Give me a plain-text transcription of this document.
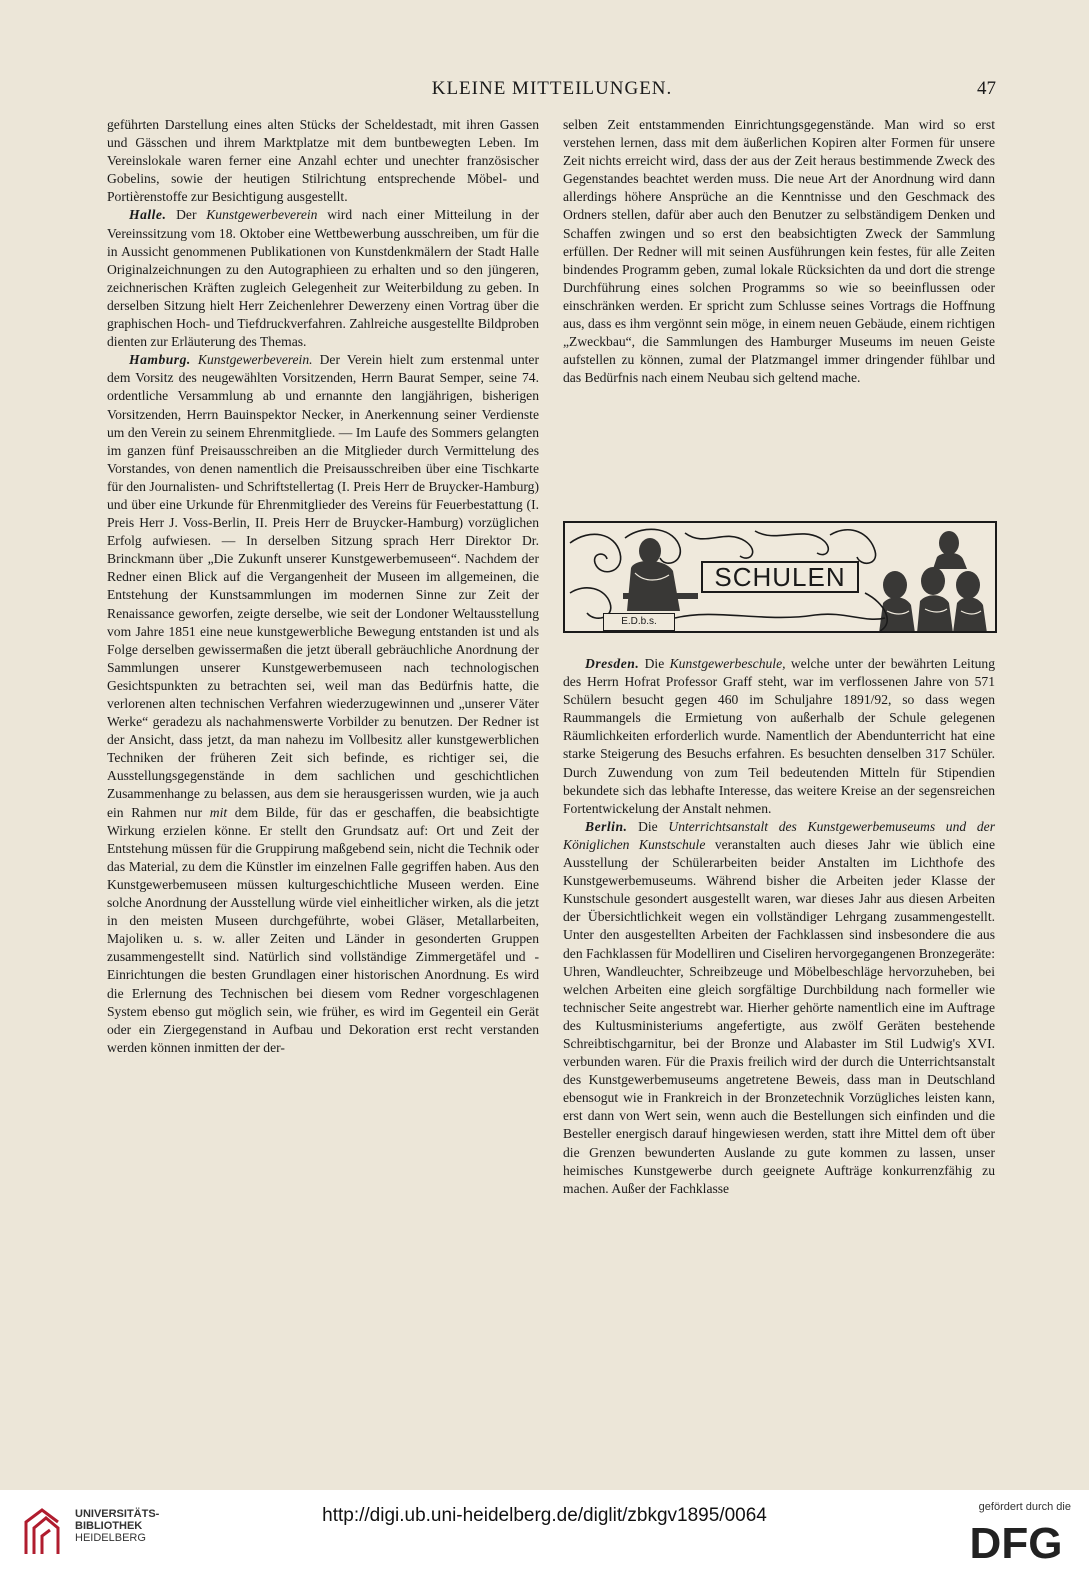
KLEINE MITTEILUNGEN.	47

geführten Darstellung eines alten Stücks der Scheldestadt, mit ihren Gassen und Gässchen und ihrem Marktplatze mit dem buntbewegten Leben. Im Vereinslokale waren ferner eine Anzahl echter und unechter französischer Gobelins, sowie der heutigen Stilrichtung entsprechende Möbel- und Portièrenstoffe zur Besichtigung ausgestellt.

Halle. Der Kunstgewerbeverein wird nach einer Mitteilung in der Vereinssitzung vom 18. Oktober eine Wettbewerbung ausschreiben, um für die in Aussicht genommenen Publikationen von Kunstdenkmälern der Stadt Halle Originalzeichnungen zu den Autographieen zu erhalten und so den jüngeren, zeichnerischen Kräften zugleich Gelegenheit zur Weiterbildung zu geben. In derselben Sitzung hielt Herr Zeichenlehrer Dewerzeny einen Vortrag über die graphischen Hoch- und Tiefdruckverfahren. Zahlreiche ausgestellte Bildproben dienten zur Erläuterung des Themas.

Hamburg. Kunstgewerbeverein. Der Verein hielt zum erstenmal unter dem Vorsitz des neugewählten Vorsitzenden, Herrn Baurat Semper, seine 74. ordentliche Versammlung ab und ernannte den langjährigen, bisherigen Vorsitzenden, Herrn Bauinspektor Necker, in Anerkennung seiner Verdienste um den Verein zu seinem Ehrenmitgliede. — Im Laufe des Sommers gelangten im ganzen fünf Preisausschreiben an die Mitglieder durch Vermittelung des Vorstandes, von denen namentlich die Preisausschreiben über eine Tischkarte für den Journalisten- und Schriftstellertag (I. Preis Herr de Bruycker-Hamburg) und über eine Urkunde für Ehrenmitglieder des Vereins für Feuerbestattung (I. Preis Herr J. Voss-Berlin, II. Preis Herr de Bruycker-Hamburg) vorzüglichen Erfolg aufwiesen. — In derselben Sitzung sprach Herr Direktor Dr. Brinckmann über „Die Zukunft unserer Kunstgewerbemuseen“. Nachdem der Redner einen Blick auf die Vergangenheit der Museen im allgemeinen, die Entstehung der Kunstsammlungen im modernen Sinne zur Zeit der Renaissance geworfen, zeigte derselbe, wie seit der Londoner Weltausstellung vom Jahre 1851 eine neue kunstgewerbliche Bewegung entstanden ist und als Folge derselben gewissermaßen die jetzt überall gebräuchliche Anordnung der Sammlungen unserer Kunstgewerbemuseen nach technologischen Gesichtspunkten zu betrachten sei, weil man das Bedürfnis hatte, die verlorenen alten technischen Verfahren wiederzugewinnen und „unserer Väter Werke“ geradezu als nachahmenswerte Vorbilder zu benutzen. Der Redner ist der Ansicht, dass jetzt, da man nahezu im Vollbesitz aller kunstgewerblichen Techniken der früheren Zeit sich befinde, es richtiger sei, die Ausstellungsgegenstände in dem sachlichen und geschichtlichen Zusammenhange zu belassen, aus dem sie herausgerissen wurden, wie ja auch ein Rahmen nur mit dem Bilde, für das er geschaffen, die beabsichtigte Wirkung erzielen könne. Er stellt den Grundsatz auf: Ort und Zeit der Entstehung müssen für die Gruppirung maßgebend sein, nicht die Technik oder das Material, zu dem die Künstler im einzelnen Falle gegriffen haben. Aus den Kunstgewerbemuseen müssen kulturgeschichtliche Museen werden. Eine solche Anordnung der Ausstellung würde viel einheitlicher wirken, als die jetzt in den meisten Museen durchgeführte, wobei Gläser, Metallarbeiten, Majoliken u. s. w. aller Zeiten und Länder in gesonderten Gruppen zusammengestellt sind. Natürlich sind vollständige Zimmergetäfel und -Einrichtungen die besten Grundlagen einer historischen Anordnung. Es wird die Erlernung des Technischen bei diesem vom Redner vorgeschlagenen System ebenso gut möglich sein, wie früher, es wird im Gegenteil ein Gerät oder ein Ziergegenstand in Aufbau und Dekoration erst recht verstanden werden können inmitten der der-

selben Zeit entstammenden Einrichtungsgegenstände. Man wird so erst verstehen lernen, dass mit dem äußerlichen Kopiren alter Formen für unsere Zeit nichts erreicht wird, dass der aus der Zeit heraus bestimmende Zweck des Gegenstandes beachtet werden muss. Die neue Art der Anordnung wird dann allerdings höhere Ansprüche an die Kenntnisse und den Geschmack des Ordners stellen, dafür aber auch den Benutzer zu selbständigem Denken und Schaffen zwingen und so erst den beabsichtigten Zweck der Sammlung erfüllen. Der Redner will mit seinen Ausführungen kein festes, für alle Zeiten bindendes Programm geben, zumal lokale Rücksichten da und dort die strenge Durchführung eines solchen Programms so wie so beeinflussen oder einschränken werden. Er spricht zum Schlusse seines Vortrags die Hoffnung aus, dass es ihm vergönnt sein möge, in einem neuen Gebäude, einem richtigen „Zweckbau“, die Sammlungen des Hamburger Museums im neuen Geiste aufstellen zu können, zumal der Platzmangel immer dringender fühlbar und das Bedürfnis nach einem Neubau sich geltend mache.

SCHULEN
E.D.b.s.

Dresden. Die Kunstgewerbeschule, welche unter der bewährten Leitung des Herrn Hofrat Professor Graff steht, war im verflossenen Jahre von 571 Schülern besucht gegen 460 im Schuljahre 1891/92, so dass wegen Raummangels die Ermietung von außerhalb der Schule gelegenen Räumlichkeiten erforderlich wurde. Namentlich der Abendunterricht hat eine starke Steigerung des Besuchs erfahren. Es besuchten denselben 317 Schüler. Durch Zuwendung von zum Teil bedeutenden Mitteln für Stipendien bekundete sich das lebhafte Interesse, das weitere Kreise an der segensreichen Fortentwickelung der Anstalt nehmen.

Berlin. Die Unterrichtsanstalt des Kunstgewerbemuseums und der Königlichen Kunstschule veranstalten auch dieses Jahr wie üblich eine Ausstellung der Schülerarbeiten beider Anstalten im Lichthofe des Kunstgewerbemuseums. Während bisher die Arbeiten jeder Klasse der Kunstschule gesondert ausgestellt waren, war dieses Jahr aus diesen Arbeiten der Übersichtlichkeit wegen ein vollständiger Lehrgang zusammengestellt. Unter den ausgestellten Arbeiten der Fachklassen sind insbesondere die aus den Fachklassen für Modelliren und Ciseliren hervorgegangenen Bronzegeräte: Uhren, Wandleuchter, Schreibzeuge und Möbelbeschläge hervorzuheben, bei welchen Arbeiten eine gleich sorgfältige Durchbildung nach formeller wie technischer Seite angestrebt war. Hierher gehörte namentlich eine im Auftrage des Kultusministeriums angefertigte, aus zwölf Geräten bestehende Schreibtischgarnitur, bei der Bronze und Alabaster im Stil Ludwig's XVI. verbunden waren. Für die Praxis freilich wird der durch die Unterrichtsanstalt des Kunstgewerbemuseums angetretene Beweis, dass man in Deutschland ebensogut wie in Frankreich in der Bronzetechnik Vorzügliches leisten kann, erst dann von Wert sein, wenn auch die Bestellungen sich einfinden und die Besteller energisch darauf hingewiesen werden, statt ihre Mittel dem oft über die Grenzen bewunderten Auslande zu gute kommen zu lassen, unser heimisches Kunstgewerbe durch geeignete Aufträge konkurrenzfähig zu machen. Außer der Fachklasse

UNIVERSITÄTS-
BIBLIOTHEK
HEIDELBERG
http://digi.ub.uni-heidelberg.de/diglit/zbkgv1895/0064	gefördert durch die
DFG
